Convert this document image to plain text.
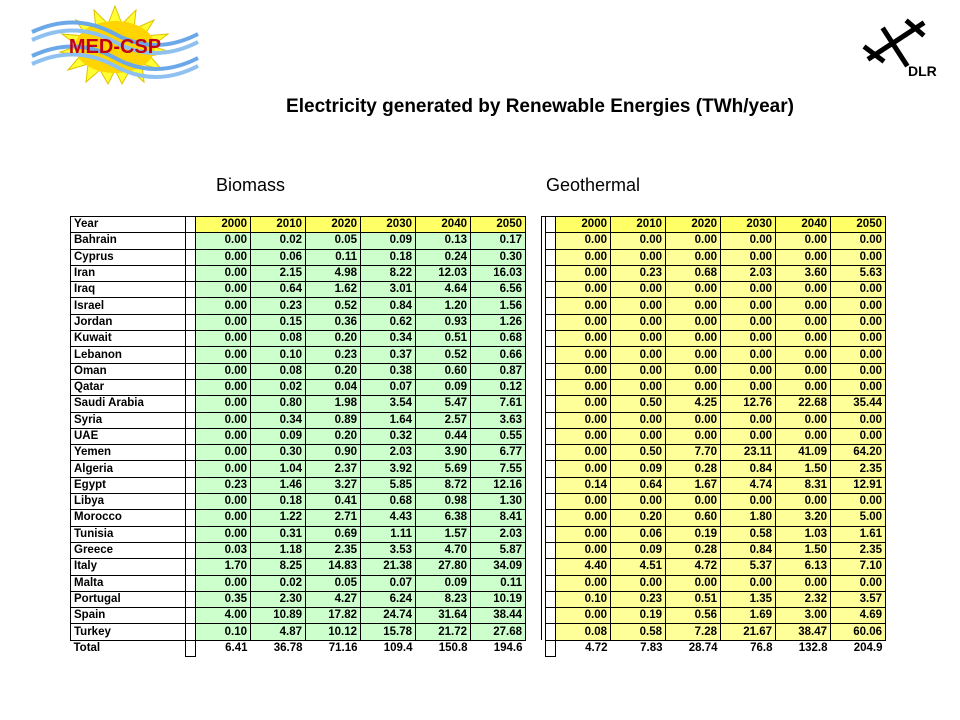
MED-CSP
DLR
Electricity generated by Renewable Energies (TWh/year)
Biomass	Geothermal
Year		2000	2010	2020	2030	2040	2050
Bahrain		0.00	0.02	0.05	0.09	0.13	0.17
Cyprus		0.00	0.06	0.11	0.18	0.24	0.30
Iran		0.00	2.15	4.98	8.22	12.03	16.03
Iraq		0.00	0.64	1.62	3.01	4.64	6.56
Israel		0.00	0.23	0.52	0.84	1.20	1.56
Jordan		0.00	0.15	0.36	0.62	0.93	1.26
Kuwait		0.00	0.08	0.20	0.34	0.51	0.68
Lebanon		0.00	0.10	0.23	0.37	0.52	0.66
Oman		0.00	0.08	0.20	0.38	0.60	0.87
Qatar		0.00	0.02	0.04	0.07	0.09	0.12
Saudi Arabia		0.00	0.80	1.98	3.54	5.47	7.61
Syria		0.00	0.34	0.89	1.64	2.57	3.63
UAE		0.00	0.09	0.20	0.32	0.44	0.55
Yemen		0.00	0.30	0.90	2.03	3.90	6.77
Algeria		0.00	1.04	2.37	3.92	5.69	7.55
Egypt		0.23	1.46	3.27	5.85	8.72	12.16
Libya		0.00	0.18	0.41	0.68	0.98	1.30
Morocco		0.00	1.22	2.71	4.43	6.38	8.41
Tunisia		0.00	0.31	0.69	1.11	1.57	2.03
Greece		0.03	1.18	2.35	3.53	4.70	5.87
Italy		1.70	8.25	14.83	21.38	27.80	34.09
Malta		0.00	0.02	0.05	0.07	0.09	0.11
Portugal		0.35	2.30	4.27	6.24	8.23	10.19
Spain		4.00	10.89	17.82	24.74	31.64	38.44
Turkey		0.10	4.87	10.12	15.78	21.72	27.68
Total		6.41	36.78	71.16	109.4	150.8	194.6
		2000	2010	2020	2030	2040	2050
		0.00	0.00	0.00	0.00	0.00	0.00
		0.00	0.00	0.00	0.00	0.00	0.00
		0.00	0.23	0.68	2.03	3.60	5.63
		0.00	0.00	0.00	0.00	0.00	0.00
		0.00	0.00	0.00	0.00	0.00	0.00
		0.00	0.00	0.00	0.00	0.00	0.00
		0.00	0.00	0.00	0.00	0.00	0.00
		0.00	0.00	0.00	0.00	0.00	0.00
		0.00	0.00	0.00	0.00	0.00	0.00
		0.00	0.00	0.00	0.00	0.00	0.00
		0.00	0.50	4.25	12.76	22.68	35.44
		0.00	0.00	0.00	0.00	0.00	0.00
		0.00	0.00	0.00	0.00	0.00	0.00
		0.00	0.50	7.70	23.11	41.09	64.20
		0.00	0.09	0.28	0.84	1.50	2.35
		0.14	0.64	1.67	4.74	8.31	12.91
		0.00	0.00	0.00	0.00	0.00	0.00
		0.00	0.20	0.60	1.80	3.20	5.00
		0.00	0.06	0.19	0.58	1.03	1.61
		0.00	0.09	0.28	0.84	1.50	2.35
		4.40	4.51	4.72	5.37	6.13	7.10
		0.00	0.00	0.00	0.00	0.00	0.00
		0.10	0.23	0.51	1.35	2.32	3.57
		0.00	0.19	0.56	1.69	3.00	4.69
		0.08	0.58	7.28	21.67	38.47	60.06
		4.72	7.83	28.74	76.8	132.8	204.9
